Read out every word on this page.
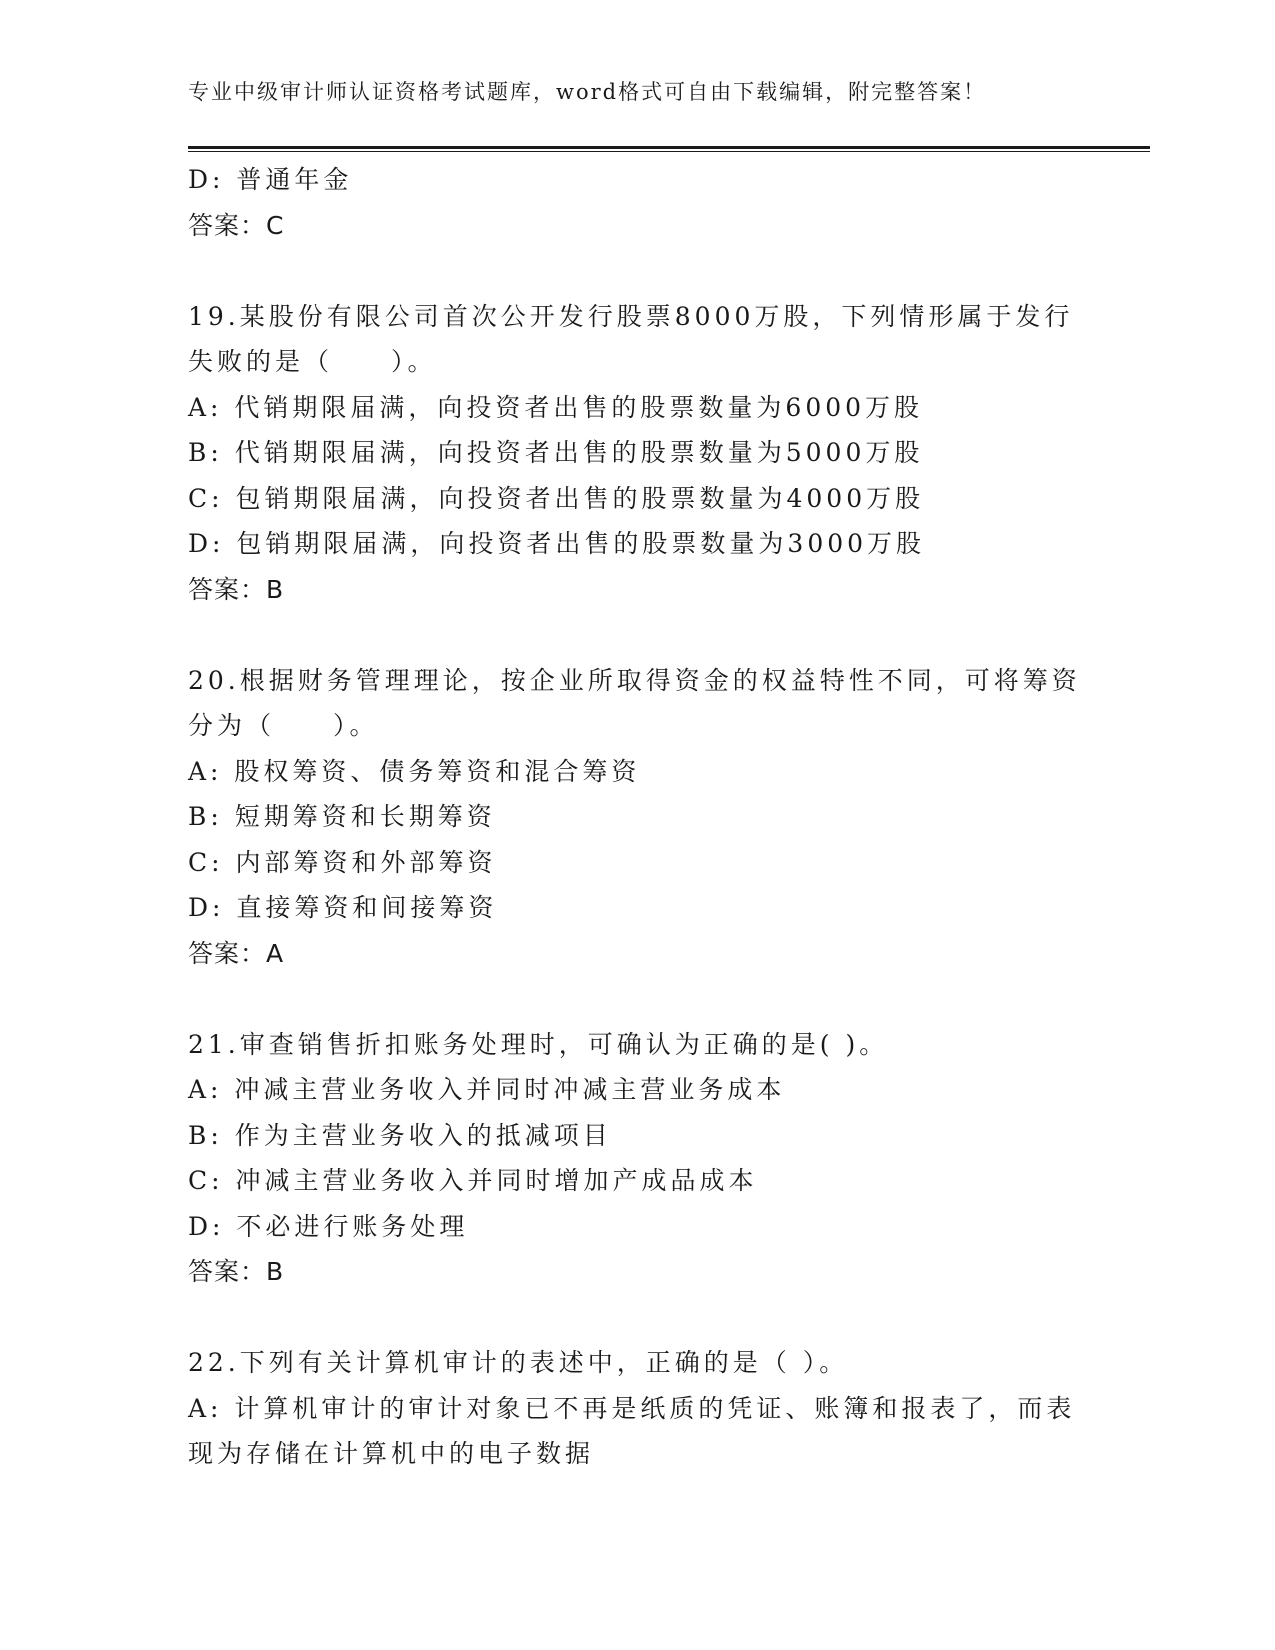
专业中级审计师认证资格考试题库，word格式可自由下载编辑，附完整答案！
D: 普通年金
答案：C
19.某股份有限公司首次公开发行股票8000万股，下列情形属于发行
失败的是（　　）。
A: 代销期限届满，向投资者出售的股票数量为6000万股
B: 代销期限届满，向投资者出售的股票数量为5000万股
C: 包销期限届满，向投资者出售的股票数量为4000万股
D: 包销期限届满，向投资者出售的股票数量为3000万股
答案：B
20.根据财务管理理论，按企业所取得资金的权益特性不同，可将筹资
分为（　　）。
A: 股权筹资、债务筹资和混合筹资
B: 短期筹资和长期筹资
C: 内部筹资和外部筹资
D: 直接筹资和间接筹资
答案：A
21.审查销售折扣账务处理时，可确认为正确的是( )。
A: 冲减主营业务收入并同时冲减主营业务成本
B: 作为主营业务收入的抵减项目
C: 冲减主营业务收入并同时增加产成品成本
D: 不必进行账务处理
答案：B
22.下列有关计算机审计的表述中，正确的是（ ）。
A: 计算机审计的审计对象已不再是纸质的凭证、账簿和报表了，而表
现为存储在计算机中的电子数据
